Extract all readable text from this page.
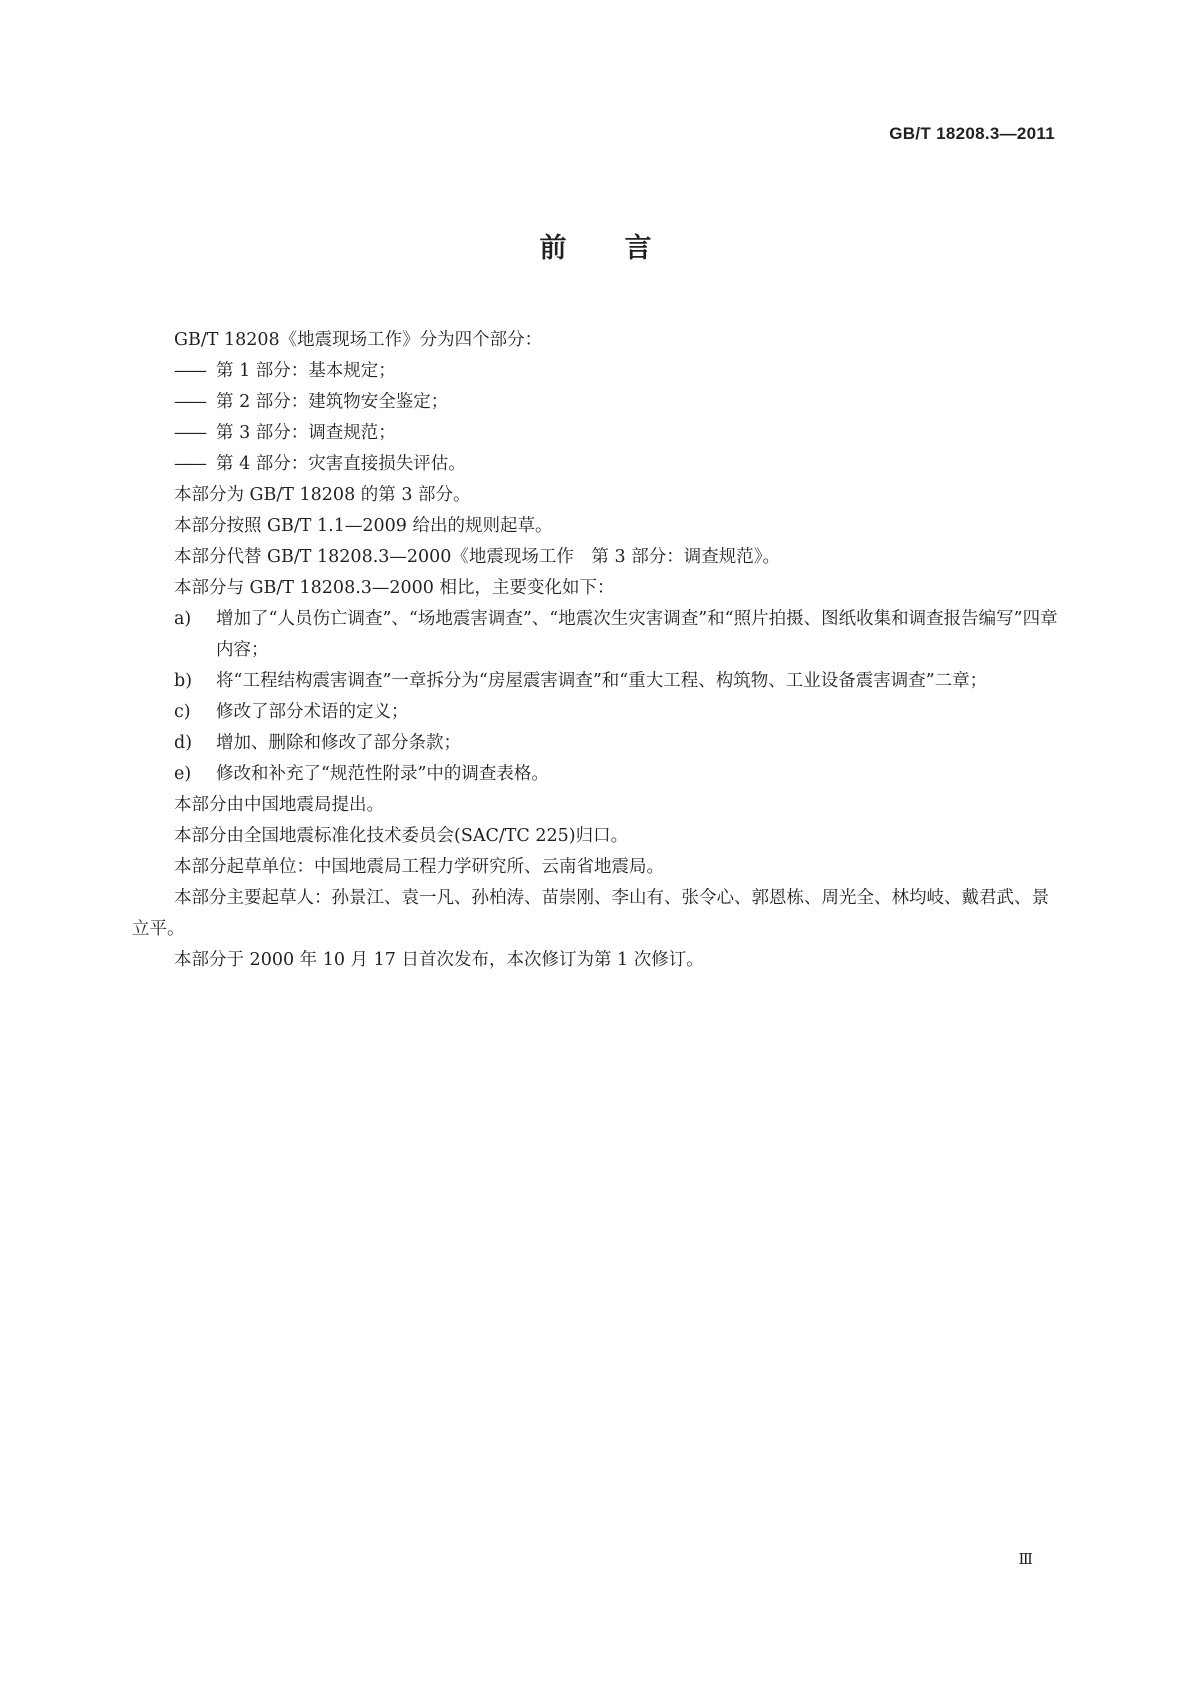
GB/T 18208.3—2011
前言

GB/T 18208《地震现场工作》分为四个部分：

—— 第 1 部分：基本规定；

—— 第 2 部分：建筑物安全鉴定；

—— 第 3 部分：调查规范；

—— 第 4 部分：灾害直接损失评估。

本部分为 GB/T 18208 的第 3 部分。

本部分按照 GB/T 1.1—2009 给出的规则起草。

本部分代替 GB/T 18208.3—2000《地震现场工作　第 3 部分：调查规范》。

本部分与 GB/T 18208.3—2000 相比，主要变化如下：

a)	增加了“人员伤亡调查”、“场地震害调查”、“地震次生灾害调查”和“照片拍摄、图纸收集和调查报告编写”四章内容；
b)	将“工程结构震害调查”一章拆分为“房屋震害调查”和“重大工程、构筑物、工业设备震害调查”二章；
c)	修改了部分术语的定义；
d)	增加、删除和修改了部分条款；
e)	修改和补充了“规范性附录”中的调查表格。

本部分由中国地震局提出。

本部分由全国地震标准化技术委员会(SAC/TC 225)归口。

本部分起草单位：中国地震局工程力学研究所、云南省地震局。

本部分主要起草人：孙景江、袁一凡、孙柏涛、苗崇刚、李山有、张令心、郭恩栋、周光全、林均岐、戴君武、景立平。

本部分于 2000 年 10 月 17 日首次发布，本次修订为第 1 次修订。

Ⅲ
